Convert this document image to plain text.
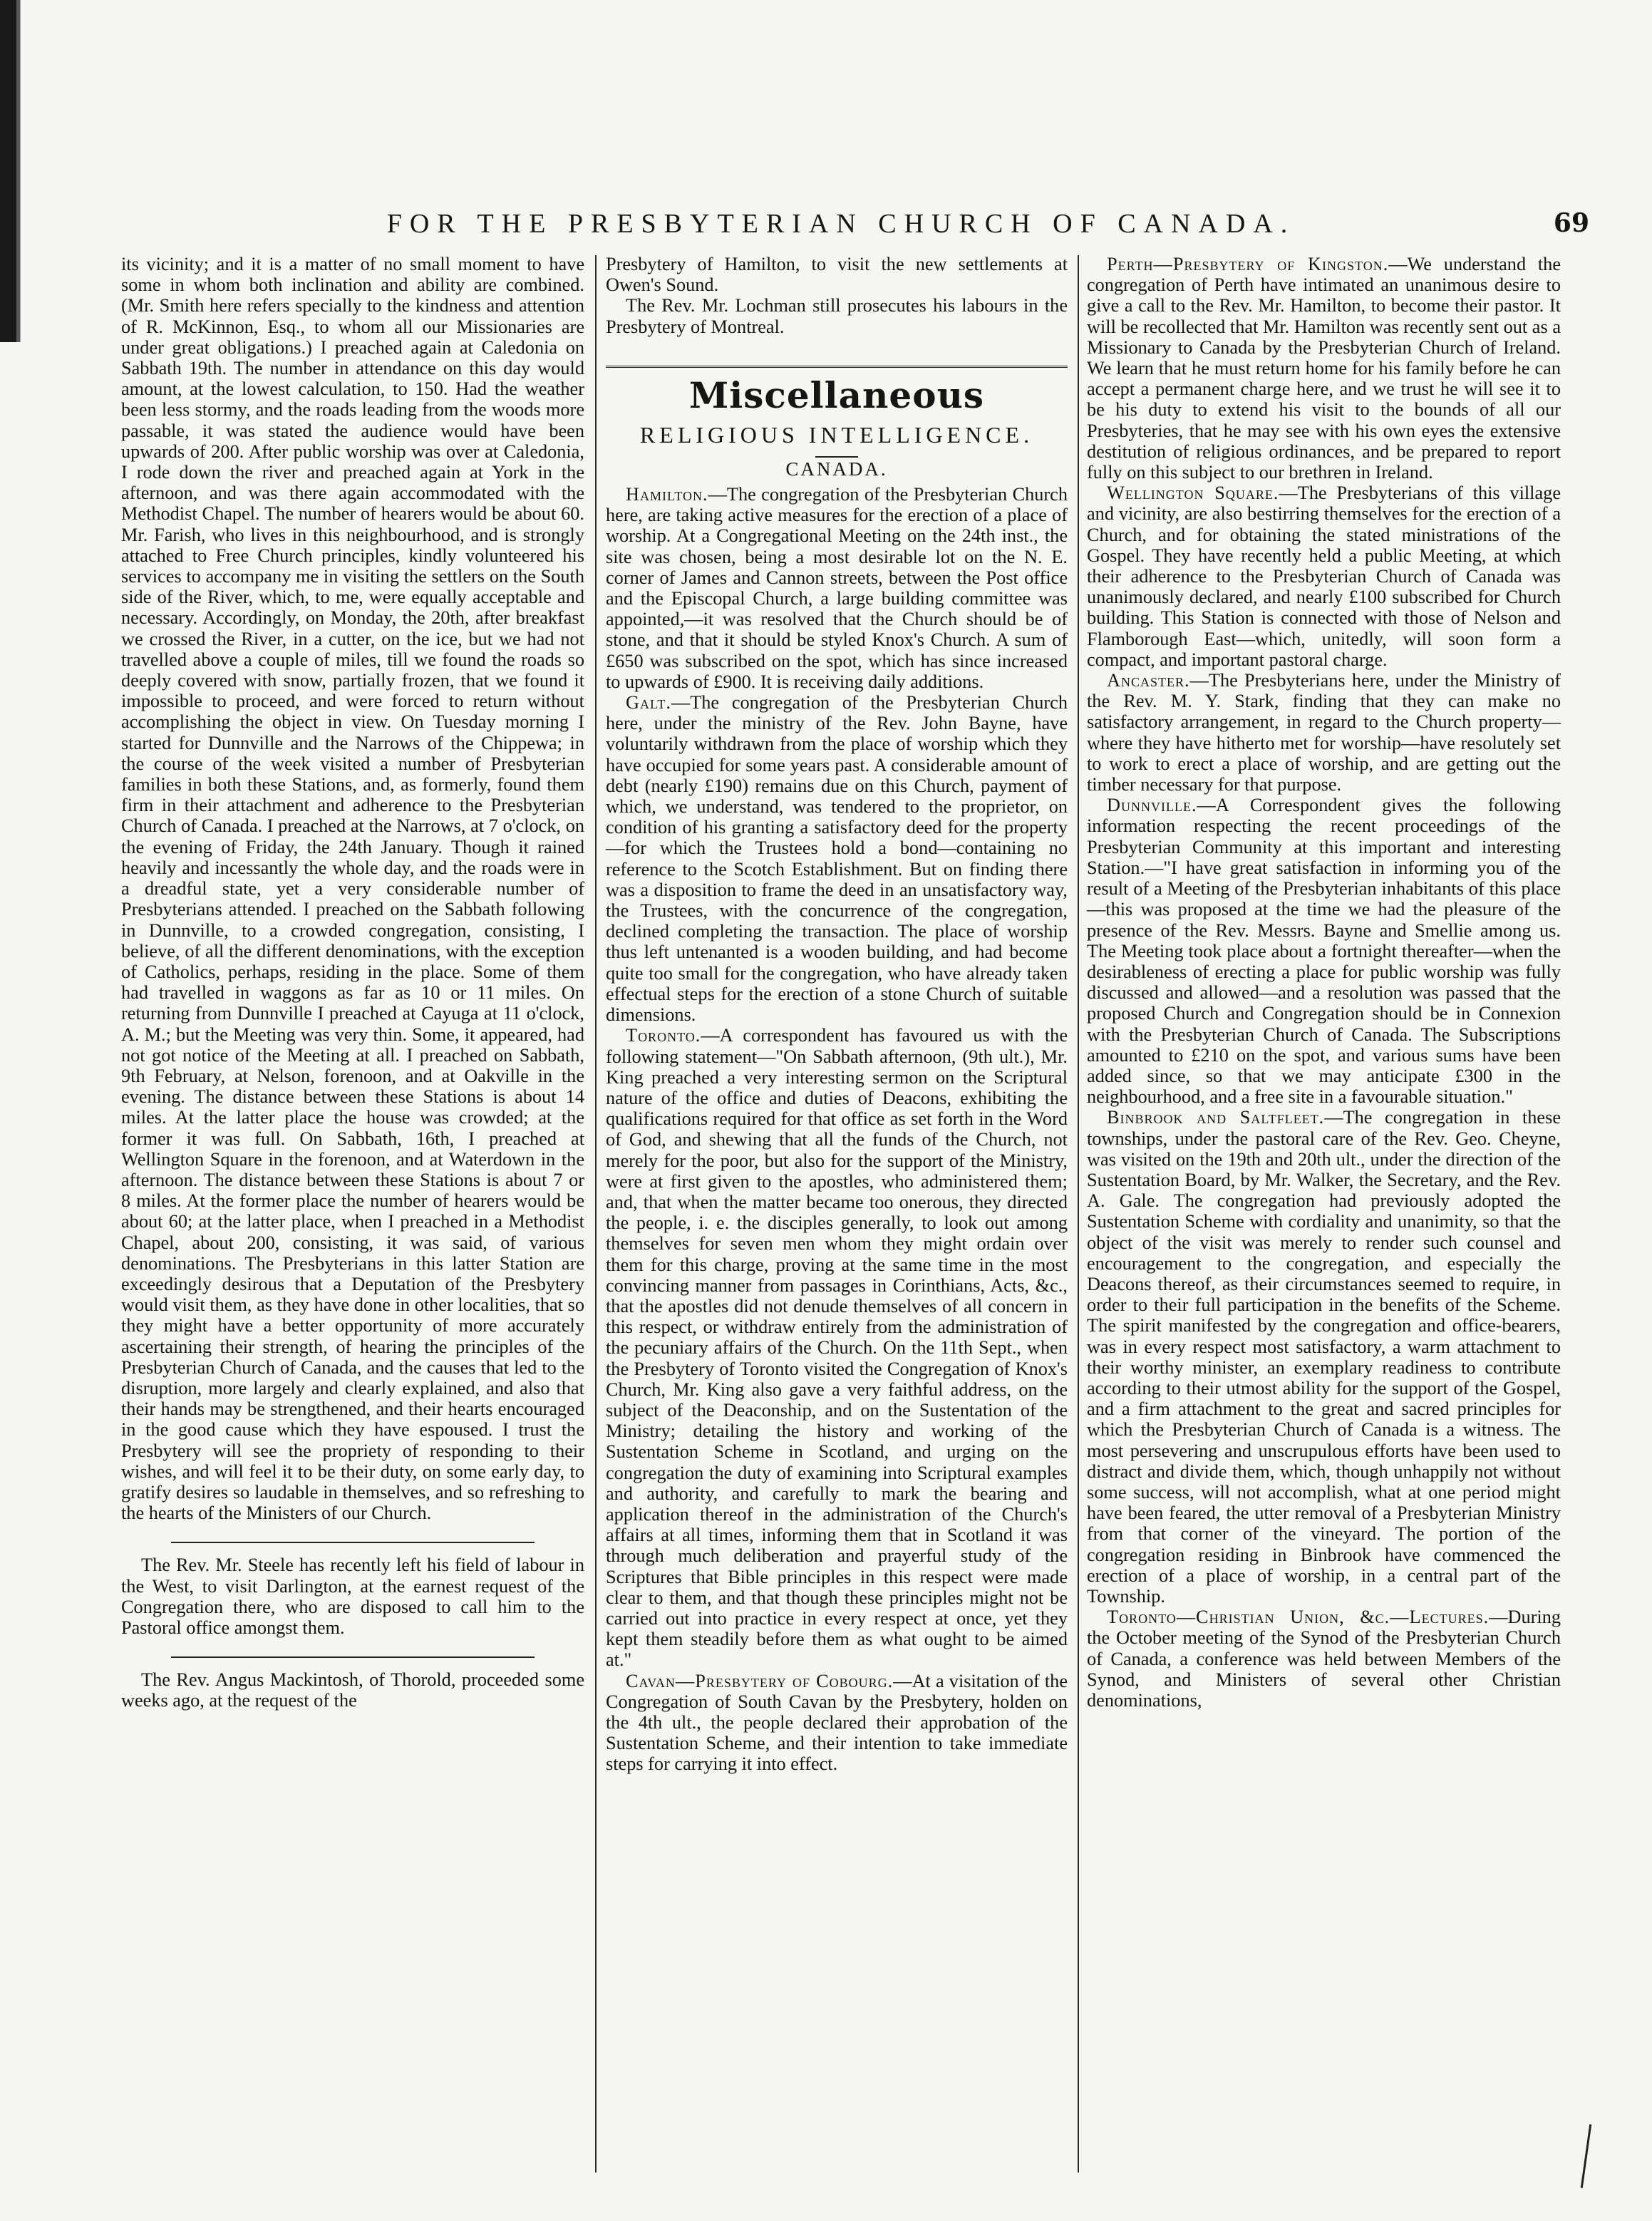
FOR THE PRESBYTERIAN CHURCH OF CANADA.	69

its vicinity; and it is a matter of no small moment to have some in whom both inclination and ability are combined. (Mr. Smith here refers specially to the kindness and attention of R. McKinnon, Esq., to whom all our Missionaries are under great obligations.) I preached again at Caledonia on Sabbath 19th. The number in attendance on this day would amount, at the lowest calculation, to 150. Had the weather been less stormy, and the roads leading from the woods more passable, it was stated the audience would have been upwards of 200. After public worship was over at Caledonia, I rode down the river and preached again at York in the afternoon, and was there again accommodated with the Methodist Chapel. The number of hearers would be about 60. Mr. Farish, who lives in this neighbourhood, and is strongly attached to Free Church principles, kindly volunteered his services to accompany me in visiting the settlers on the South side of the River, which, to me, were equally acceptable and necessary. Accordingly, on Monday, the 20th, after breakfast we crossed the River, in a cutter, on the ice, but we had not travelled above a couple of miles, till we found the roads so deeply covered with snow, partially frozen, that we found it impossible to proceed, and were forced to return without accomplishing the object in view. On Tuesday morning I started for Dunnville and the Narrows of the Chippewa; in the course of the week visited a number of Presbyterian families in both these Stations, and, as formerly, found them firm in their attachment and adherence to the Presbyterian Church of Canada. I preached at the Narrows, at 7 o'clock, on the evening of Friday, the 24th January. Though it rained heavily and incessantly the whole day, and the roads were in a dreadful state, yet a very considerable number of Presbyterians attended. I preached on the Sabbath following in Dunnville, to a crowded congregation, consisting, I believe, of all the different denominations, with the exception of Catholics, perhaps, residing in the place. Some of them had travelled in waggons as far as 10 or 11 miles. On returning from Dunnville I preached at Cayuga at 11 o'clock, A. M.; but the Meeting was very thin. Some, it appeared, had not got notice of the Meeting at all. I preached on Sabbath, 9th February, at Nelson, forenoon, and at Oakville in the evening. The distance between these Stations is about 14 miles. At the latter place the house was crowded; at the former it was full. On Sabbath, 16th, I preached at Wellington Square in the forenoon, and at Waterdown in the afternoon. The distance between these Stations is about 7 or 8 miles. At the former place the number of hearers would be about 60; at the latter place, when I preached in a Methodist Chapel, about 200, consisting, it was said, of various denominations. The Presbyterians in this latter Station are exceedingly desirous that a Deputation of the Presbytery would visit them, as they have done in other localities, that so they might have a better opportunity of more accurately ascertaining their strength, of hearing the principles of the Presbyterian Church of Canada, and the causes that led to the disruption, more largely and clearly explained, and also that their hands may be strengthened, and their hearts encouraged in the good cause which they have espoused. I trust the Presbytery will see the propriety of responding to their wishes, and will feel it to be their duty, on some early day, to gratify desires so laudable in themselves, and so refreshing to the hearts of the Ministers of our Church.

The Rev. Mr. Steele has recently left his field of labour in the West, to visit Darlington, at the earnest request of the Congregation there, who are disposed to call him to the Pastoral office amongst them.

The Rev. Angus Mackintosh, of Thorold, proceeded some weeks ago, at the request of the

Presbytery of Hamilton, to visit the new settlements at Owen's Sound.

The Rev. Mr. Lochman still prosecutes his labours in the Presbytery of Montreal.

Miscellaneous
RELIGIOUS INTELLIGENCE.
CANADA.

Hamilton.—The congregation of the Presbyterian Church here, are taking active measures for the erection of a place of worship. At a Congregational Meeting on the 24th inst., the site was chosen, being a most desirable lot on the N. E. corner of James and Cannon streets, between the Post office and the Episcopal Church, a large building committee was appointed,—it was resolved that the Church should be of stone, and that it should be styled Knox's Church. A sum of £650 was subscribed on the spot, which has since increased to upwards of £900. It is receiving daily additions.

Galt.—The congregation of the Presbyterian Church here, under the ministry of the Rev. John Bayne, have voluntarily withdrawn from the place of worship which they have occupied for some years past. A considerable amount of debt (nearly £190) remains due on this Church, payment of which, we understand, was tendered to the proprietor, on condition of his granting a satisfactory deed for the property—for which the Trustees hold a bond—containing no reference to the Scotch Establishment. But on finding there was a disposition to frame the deed in an unsatisfactory way, the Trustees, with the concurrence of the congregation, declined completing the transaction. The place of worship thus left untenanted is a wooden building, and had become quite too small for the congregation, who have already taken effectual steps for the erection of a stone Church of suitable dimensions.

Toronto.—A correspondent has favoured us with the following statement—"On Sabbath afternoon, (9th ult.), Mr. King preached a very interesting sermon on the Scriptural nature of the office and duties of Deacons, exhibiting the qualifications required for that office as set forth in the Word of God, and shewing that all the funds of the Church, not merely for the poor, but also for the support of the Ministry, were at first given to the apostles, who administered them; and, that when the matter became too onerous, they directed the people, i. e. the disciples generally, to look out among themselves for seven men whom they might ordain over them for this charge, proving at the same time in the most convincing manner from passages in Corinthians, Acts, &c., that the apostles did not denude themselves of all concern in this respect, or withdraw entirely from the administration of the pecuniary affairs of the Church. On the 11th Sept., when the Presbytery of Toronto visited the Congregation of Knox's Church, Mr. King also gave a very faithful address, on the subject of the Deaconship, and on the Sustentation of the Ministry; detailing the history and working of the Sustentation Scheme in Scotland, and urging on the congregation the duty of examining into Scriptural examples and authority, and carefully to mark the bearing and application thereof in the administration of the Church's affairs at all times, informing them that in Scotland it was through much deliberation and prayerful study of the Scriptures that Bible principles in this respect were made clear to them, and that though these principles might not be carried out into practice in every respect at once, yet they kept them steadily before them as what ought to be aimed at."

Cavan—Presbytery of Cobourg.—At a visitation of the Congregation of South Cavan by the Presbytery, holden on the 4th ult., the people declared their approbation of the Sustentation Scheme, and their intention to take immediate steps for carrying it into effect.

Perth—Presbytery of Kingston.—We understand the congregation of Perth have intimated an unanimous desire to give a call to the Rev. Mr. Hamilton, to become their pastor. It will be recollected that Mr. Hamilton was recently sent out as a Missionary to Canada by the Presbyterian Church of Ireland. We learn that he must return home for his family before he can accept a permanent charge here, and we trust he will see it to be his duty to extend his visit to the bounds of all our Presbyteries, that he may see with his own eyes the extensive destitution of religious ordinances, and be prepared to report fully on this subject to our brethren in Ireland.

Wellington Square.—The Presbyterians of this village and vicinity, are also bestirring themselves for the erection of a Church, and for obtaining the stated ministrations of the Gospel. They have recently held a public Meeting, at which their adherence to the Presbyterian Church of Canada was unanimously declared, and nearly £100 subscribed for Church building. This Station is connected with those of Nelson and Flamborough East—which, unitedly, will soon form a compact, and important pastoral charge.

Ancaster.—The Presbyterians here, under the Ministry of the Rev. M. Y. Stark, finding that they can make no satisfactory arrangement, in regard to the Church property—where they have hitherto met for worship—have resolutely set to work to erect a place of worship, and are getting out the timber necessary for that purpose.

Dunnville.—A Correspondent gives the following information respecting the recent proceedings of the Presbyterian Community at this important and interesting Station.—"I have great satisfaction in informing you of the result of a Meeting of the Presbyterian inhabitants of this place—this was proposed at the time we had the pleasure of the presence of the Rev. Messrs. Bayne and Smellie among us. The Meeting took place about a fortnight thereafter—when the desirableness of erecting a place for public worship was fully discussed and allowed—and a resolution was passed that the proposed Church and Congregation should be in Connexion with the Presbyterian Church of Canada. The Subscriptions amounted to £210 on the spot, and various sums have been added since, so that we may anticipate £300 in the neighbourhood, and a free site in a favourable situation."

Binbrook and Saltfleet.—The congregation in these townships, under the pastoral care of the Rev. Geo. Cheyne, was visited on the 19th and 20th ult., under the direction of the Sustentation Board, by Mr. Walker, the Secretary, and the Rev. A. Gale. The congregation had previously adopted the Sustentation Scheme with cordiality and unanimity, so that the object of the visit was merely to render such counsel and encouragement to the congregation, and especially the Deacons thereof, as their circumstances seemed to require, in order to their full participation in the benefits of the Scheme. The spirit manifested by the congregation and office-bearers, was in every respect most satisfactory, a warm attachment to their worthy minister, an exemplary readiness to contribute according to their utmost ability for the support of the Gospel, and a firm attachment to the great and sacred principles for which the Presbyterian Church of Canada is a witness. The most persevering and unscrupulous efforts have been used to distract and divide them, which, though unhappily not without some success, will not accomplish, what at one period might have been feared, the utter removal of a Presbyterian Ministry from that corner of the vineyard. The portion of the congregation residing in Binbrook have commenced the erection of a place of worship, in a central part of the Township.

Toronto—Christian Union, &c.—Lectures.—During the October meeting of the Synod of the Presbyterian Church of Canada, a conference was held between Members of the Synod, and Ministers of several other Christian denominations,
